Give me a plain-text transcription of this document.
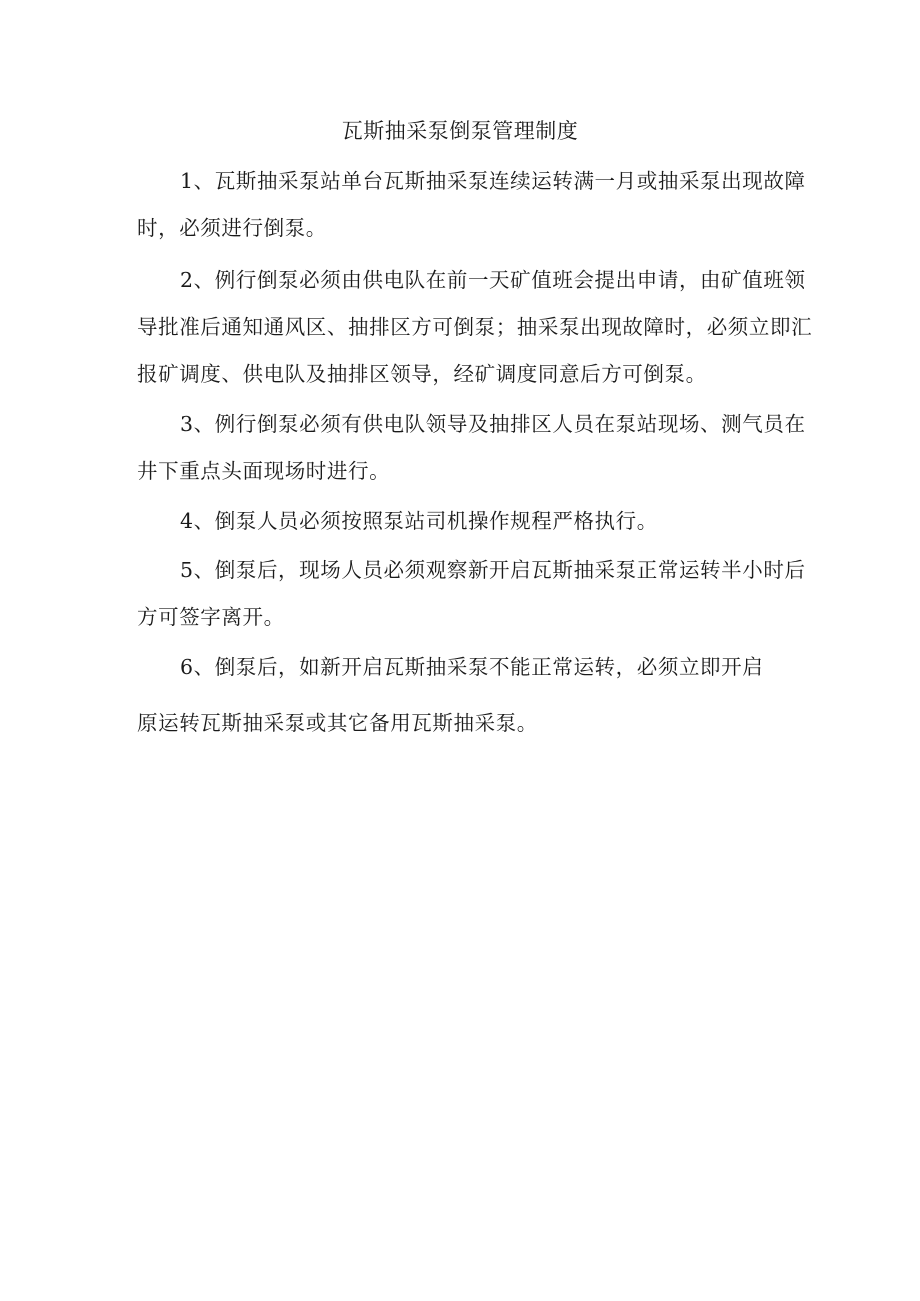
瓦斯抽采泵倒泵管理制度
1、瓦斯抽采泵站单台瓦斯抽采泵连续运转满一月或抽采泵出现故障
时，必须进行倒泵。
2、例行倒泵必须由供电队在前一天矿值班会提出申请，由矿值班领
导批准后通知通风区、抽排区方可倒泵；抽采泵出现故障时，必须立即汇
报矿调度、供电队及抽排区领导，经矿调度同意后方可倒泵。
3、例行倒泵必须有供电队领导及抽排区人员在泵站现场、测气员在
井下重点头面现场时进行。
4、倒泵人员必须按照泵站司机操作规程严格执行。
5、倒泵后，现场人员必须观察新开启瓦斯抽采泵正常运转半小时后
方可签字离开。
6、倒泵后，如新开启瓦斯抽采泵不能正常运转，必须立即开启
原运转瓦斯抽采泵或其它备用瓦斯抽采泵。
